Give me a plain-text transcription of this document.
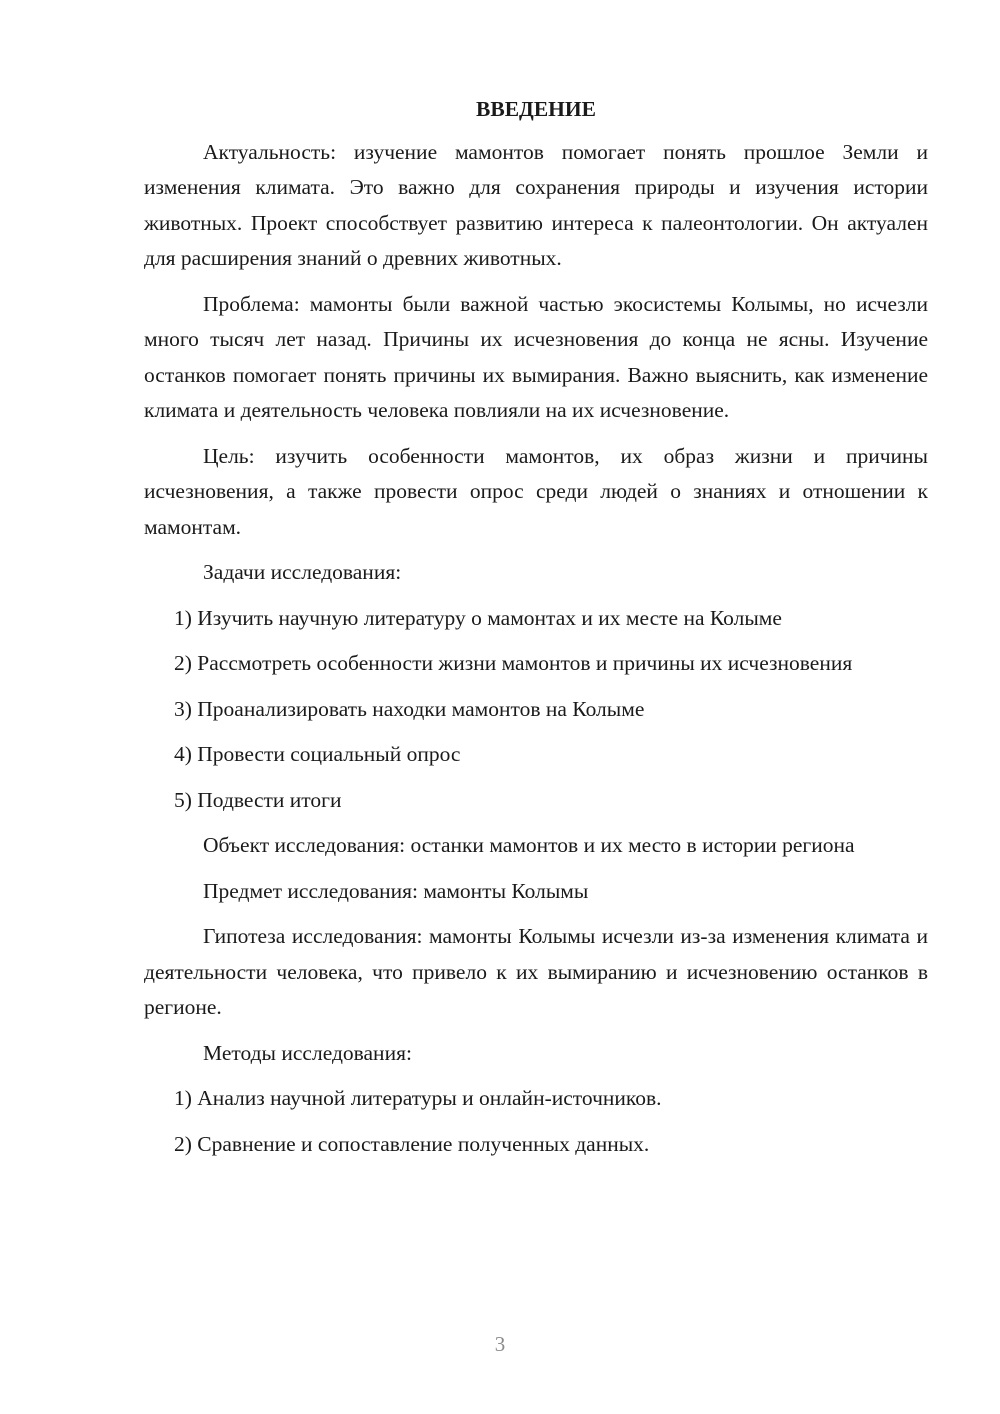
ВВЕДЕНИЕ

Актуальность: изучение мамонтов помогает понять прошлое Земли и изменения климата. Это важно для сохранения природы и изучения истории животных. Проект способствует развитию интереса к палеонтологии. Он актуален для расширения знаний о древних животных.

Проблема: мамонты были важной частью экосистемы Колымы, но исчезли много тысяч лет назад. Причины их исчезновения до конца не ясны. Изучение останков помогает понять причины их вымирания. Важно выяснить, как изменение климата и деятельность человека повлияли на их исчезновение.

Цель: изучить особенности мамонтов, их образ жизни и причины исчезновения, а также провести опрос среди людей о знаниях и отношении к мамонтам.

Задачи исследования:

1) Изучить научную литературу о мамонтах и их месте на Колыме

2) Рассмотреть особенности жизни мамонтов и причины их исчезновения

3) Проанализировать находки мамонтов на Колыме

4) Провести социальный опрос

5) Подвести итоги

Объект исследования: останки мамонтов и их место в истории региона

Предмет исследования: мамонты Колымы

Гипотеза исследования: мамонты Колымы исчезли из-за изменения климата и деятельности человека, что привело к их вымиранию и исчезновению останков в регионе.

Методы исследования:

1) Анализ научной литературы и онлайн-источников.

2) Сравнение и сопоставление полученных данных.

3
